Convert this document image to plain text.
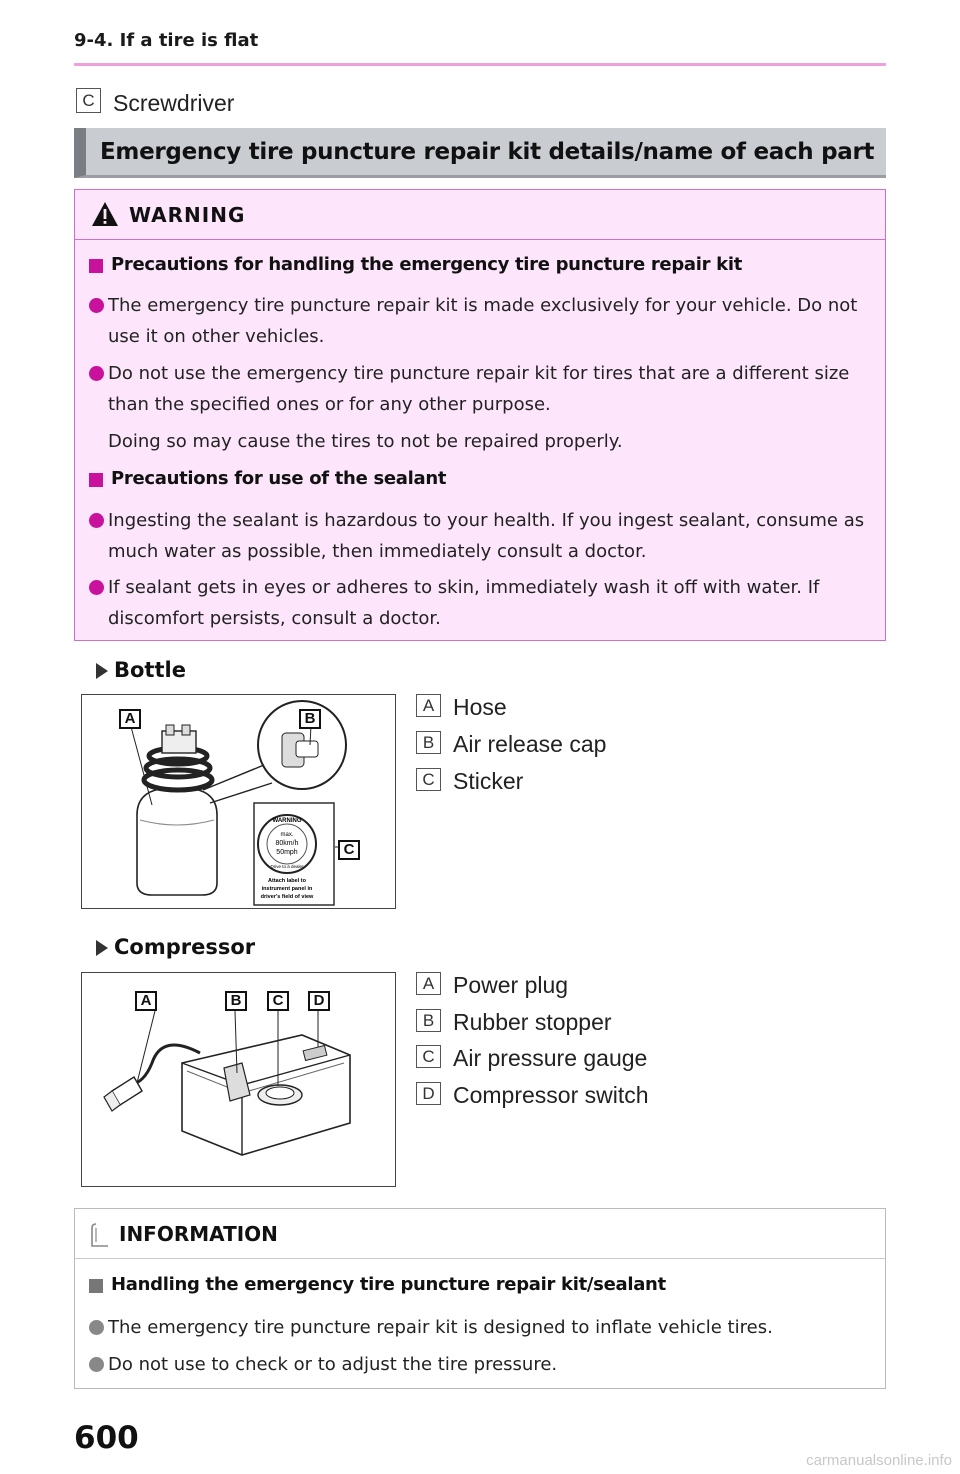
9-4. If a tire is flat
C Screwdriver
Emergency tire puncture repair kit details/name of each part
WARNING
Precautions for handling the emergency tire puncture repair kit
The emergency tire puncture repair kit is made exclusively for your vehicle. Do not use it on other vehicles.
Do not use the emergency tire puncture repair kit for tires that are a different size than the specified ones or for any other purpose.
Doing so may cause the tires to not be repaired properly.
Precautions for use of the sealant
Ingesting the sealant is hazardous to your health. If you ingest sealant, consume as much water as possible, then immediately consult a doctor.
If sealant gets in eyes or adheres to skin, immediately wash it off with water. If discomfort persists, consult a doctor.
Bottle
WARNING
max.
80km/h
50mph
Drive to a dealer
Attach label to
instrument panel in
driver's field of view
A	B
C
A Hose
B Air release cap
C Sticker
Compressor
A	B	C	D
A Power plug
B Rubber stopper
C Air pressure gauge
D Compressor switch
INFORMATION
Handling the emergency tire puncture repair kit/sealant
The emergency tire puncture repair kit is designed to inflate vehicle tires.
Do not use to check or to adjust the tire pressure.
600
carmanualsonline.info
